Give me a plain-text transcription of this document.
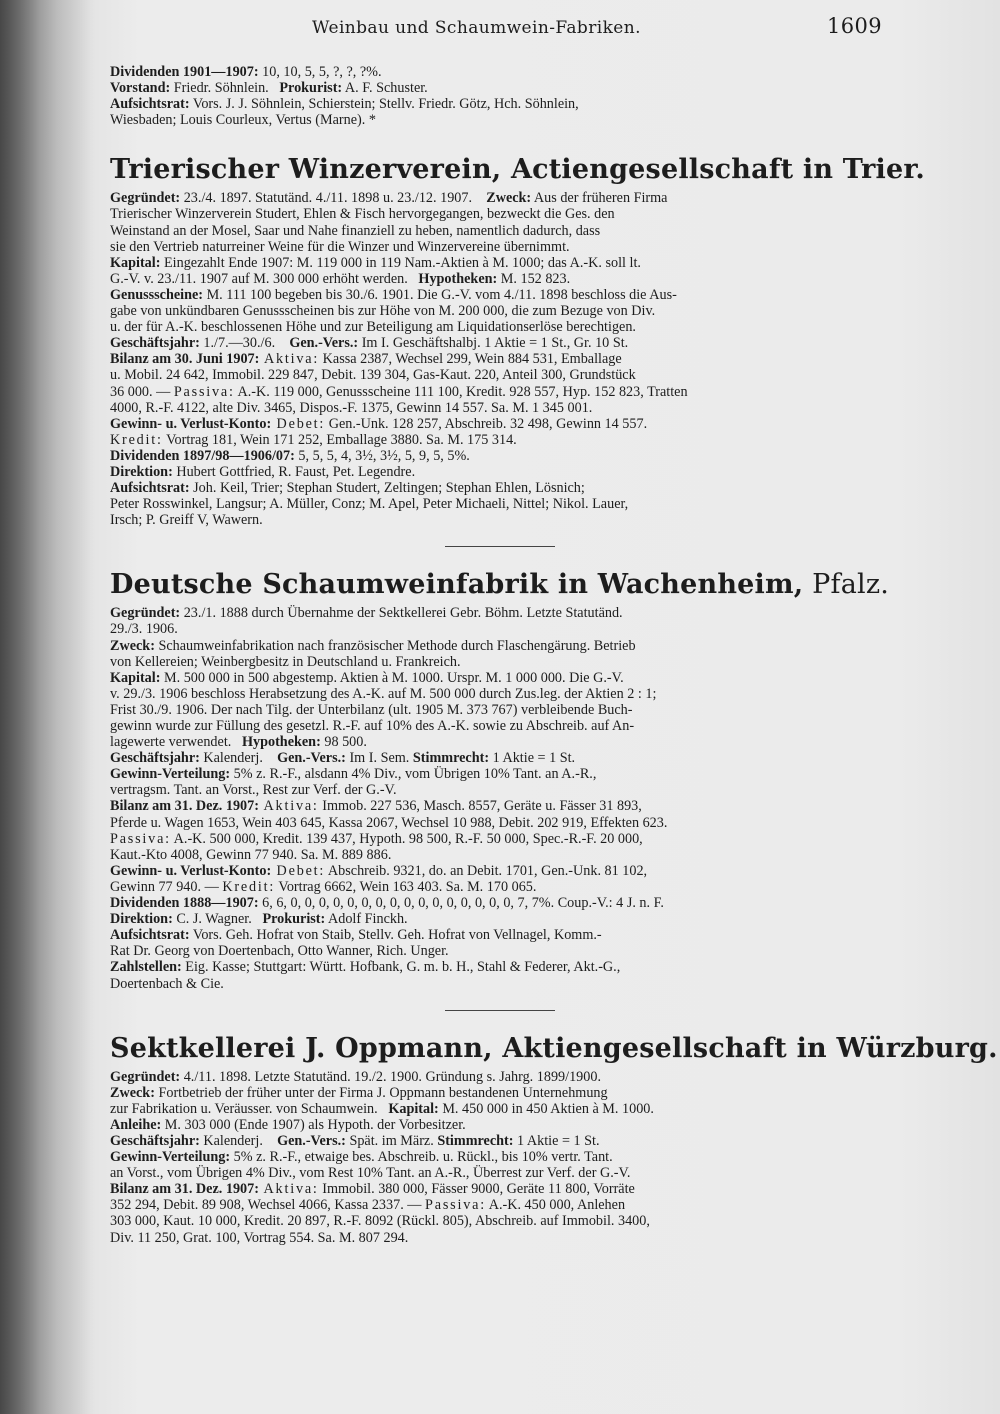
Weinbau und Schaumwein-Fabriken.	1609
Dividenden 1901—1907: 10, 10, 5, 5, ?, ?, ?%.
Vorstand: Friedr. Söhnlein. Prokurist: A. F. Schuster.
Aufsichtsrat: Vors. J. J. Söhnlein, Schierstein; Stellv. Friedr. Götz, Hch. Söhnlein,
Wiesbaden; Louis Courleux, Vertus (Marne). *
Trierischer Winzerverein, Actiengesellschaft in Trier.
Gegründet: 23./4. 1897. Statutänd. 4./11. 1898 u. 23./12. 1907.    Zweck: Aus der früheren Firma
Trierischer Winzerverein Studert, Ehlen & Fisch hervorgegangen, bezweckt die Ges. den
Weinstand an der Mosel, Saar und Nahe finanziell zu heben, namentlich dadurch, dass
sie den Vertrieb naturreiner Weine für die Winzer und Winzervereine übernimmt.
Kapital: Eingezahlt Ende 1907: M. 119 000 in 119 Nam.-Aktien à M. 1000; das A.-K. soll lt.
G.-V. v. 23./11. 1907 auf M. 300 000 erhöht werden. Hypotheken: M. 152 823.
Genussscheine: M. 111 100 begeben bis 30./6. 1901. Die G.-V. vom 4./11. 1898 beschloss die Aus-
gabe von unkündbaren Genussscheinen bis zur Höhe von M. 200 000, die zum Bezuge von Div.
u. der für A.-K. beschlossenen Höhe und zur Beteiligung am Liquidationserlöse berechtigen.
Geschäftsjahr: 1./7.—30./6.    Gen.-Vers.: Im I. Geschäftshalbj. 1 Aktie = 1 St., Gr. 10 St.
Bilanz am 30. Juni 1907: Aktiva: Kassa 2387, Wechsel 299, Wein 884 531, Emballage
u. Mobil. 24 642, Immobil. 229 847, Debit. 139 304, Gas-Kaut. 220, Anteil 300, Grundstück
36 000. — Passiva: A.-K. 119 000, Genussscheine 111 100, Kredit. 928 557, Hyp. 152 823, Tratten
4000, R.-F. 4122, alte Div. 3465, Dispos.-F. 1375, Gewinn 14 557. Sa. M. 1 345 001.
Gewinn- u. Verlust-Konto: Debet: Gen.-Unk. 128 257, Abschreib. 32 498, Gewinn 14 557.
Kredit: Vortrag 181, Wein 171 252, Emballage 3880. Sa. M. 175 314.
Dividenden 1897/98—1906/07: 5, 5, 5, 4, 3½, 3½, 5, 9, 5, 5%.
Direktion: Hubert Gottfried, R. Faust, Pet. Legendre.
Aufsichtsrat: Joh. Keil, Trier; Stephan Studert, Zeltingen; Stephan Ehlen, Lösnich;
Peter Rosswinkel, Langsur; A. Müller, Conz; M. Apel, Peter Michaeli, Nittel; Nikol. Lauer,
Irsch; P. Greiff V, Wawern.
Deutsche Schaumweinfabrik in Wachenheim, Pfalz.
Gegründet: 23./1. 1888 durch Übernahme der Sektkellerei Gebr. Böhm. Letzte Statutänd.
29./3. 1906.
Zweck: Schaumweinfabrikation nach französischer Methode durch Flaschengärung. Betrieb
von Kellereien; Weinbergbesitz in Deutschland u. Frankreich.
Kapital: M. 500 000 in 500 abgestemp. Aktien à M. 1000. Urspr. M. 1 000 000. Die G.-V.
v. 29./3. 1906 beschloss Herabsetzung des A.-K. auf M. 500 000 durch Zus.leg. der Aktien 2 : 1;
Frist 30./9. 1906. Der nach Tilg. der Unterbilanz (ult. 1905 M. 373 767) verbleibende Buch-
gewinn wurde zur Füllung des gesetzl. R.-F. auf 10% des A.-K. sowie zu Abschreib. auf An-
lagewerte verwendet. Hypotheken: 98 500.
Geschäftsjahr: Kalenderj.    Gen.-Vers.: Im I. Sem. Stimmrecht: 1 Aktie = 1 St.
Gewinn-Verteilung: 5% z. R.-F., alsdann 4% Div., vom Übrigen 10% Tant. an A.-R.,
vertragsm. Tant. an Vorst., Rest zur Verf. der G.-V.
Bilanz am 31. Dez. 1907: Aktiva: Immob. 227 536, Masch. 8557, Geräte u. Fässer 31 893,
Pferde u. Wagen 1653, Wein 403 645, Kassa 2067, Wechsel 10 988, Debit. 202 919, Effekten 623.
Passiva: A.-K. 500 000, Kredit. 139 437, Hypoth. 98 500, R.-F. 50 000, Spec.-R.-F. 20 000,
Kaut.-Kto 4008, Gewinn 77 940. Sa. M. 889 886.
Gewinn- u. Verlust-Konto: Debet: Abschreib. 9321, do. an Debit. 1701, Gen.-Unk. 81 102,
Gewinn 77 940. — Kredit: Vortrag 6662, Wein 163 403. Sa. M. 170 065.
Dividenden 1888—1907: 6, 6, 0, 0, 0, 0, 0, 0, 0, 0, 0, 0, 0, 0, 0, 0, 0, 0, 7, 7%. Coup.-V.: 4 J. n. F.
Direktion: C. J. Wagner. Prokurist: Adolf Finckh.
Aufsichtsrat: Vors. Geh. Hofrat von Staib, Stellv. Geh. Hofrat von Vellnagel, Komm.-
Rat Dr. Georg von Doertenbach, Otto Wanner, Rich. Unger.
Zahlstellen: Eig. Kasse; Stuttgart: Württ. Hofbank, G. m. b. H., Stahl & Federer, Akt.-G.,
Doertenbach & Cie.
Sektkellerei J. Oppmann, Aktiengesellschaft in Würzburg.
Gegründet: 4./11. 1898. Letzte Statutänd. 19./2. 1900. Gründung s. Jahrg. 1899/1900.
Zweck: Fortbetrieb der früher unter der Firma J. Oppmann bestandenen Unternehmung
zur Fabrikation u. Veräusser. von Schaumwein. Kapital: M. 450 000 in 450 Aktien à M. 1000.
Anleihe: M. 303 000 (Ende 1907) als Hypoth. der Vorbesitzer.
Geschäftsjahr: Kalenderj.    Gen.-Vers.: Spät. im März. Stimmrecht: 1 Aktie = 1 St.
Gewinn-Verteilung: 5% z. R.-F., etwaige bes. Abschreib. u. Rückl., bis 10% vertr. Tant.
an Vorst., vom Übrigen 4% Div., vom Rest 10% Tant. an A.-R., Überrest zur Verf. der G.-V.
Bilanz am 31. Dez. 1907: Aktiva: Immobil. 380 000, Fässer 9000, Geräte 11 800, Vorräte
352 294, Debit. 89 908, Wechsel 4066, Kassa 2337. — Passiva: A.-K. 450 000, Anlehen
303 000, Kaut. 10 000, Kredit. 20 897, R.-F. 8092 (Rückl. 805), Abschreib. auf Immobil. 3400,
Div. 11 250, Grat. 100, Vortrag 554. Sa. M. 807 294.
